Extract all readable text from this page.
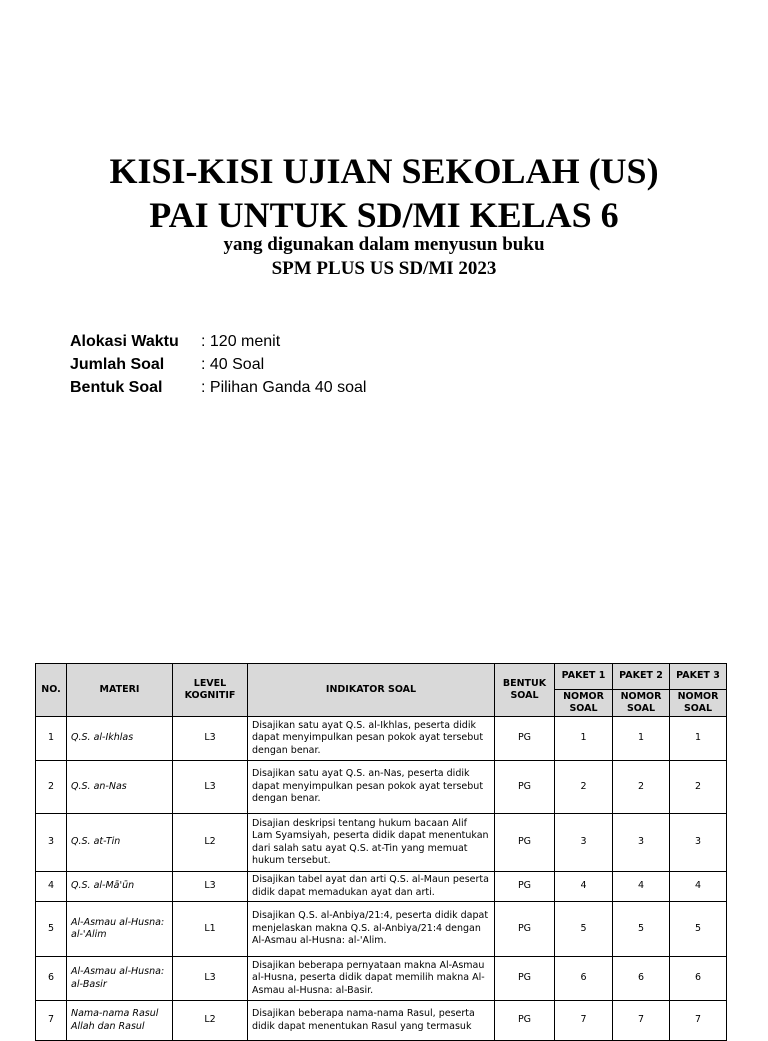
KISI-KISI UJIAN SEKOLAH (US)
PAI UNTUK SD/MI KELAS 6
yang digunakan dalam menyusun buku
SPM PLUS US SD/MI 2023
Alokasi Waktu	: 120 menit
Jumlah Soal	: 40 Soal
Bentuk Soal	: Pilihan Ganda 40 soal
NO.	MATERI	LEVEL KOGNITIF	INDIKATOR SOAL	BENTUK SOAL	PAKET 1	PAKET 2	PAKET 3
					NOMOR SOAL	NOMOR SOAL	NOMOR SOAL
1	Q.S. al-Ikhlas	L3	Disajikan satu ayat Q.S. al-Ikhlas, peserta didik dapat menyimpulkan pesan pokok ayat tersebut dengan benar.	PG	1	1	1
2	Q.S. an-Nas	L3	Disajikan satu ayat Q.S. an-Nas, peserta didik dapat menyimpulkan pesan pokok ayat tersebut dengan benar.	PG	2	2	2
3	Q.S. at-Tin	L2	Disajian deskripsi tentang hukum bacaan Alif Lam Syamsiyah, peserta didik dapat menentukan dari salah satu ayat Q.S. at-Tin yang memuat hukum tersebut.	PG	3	3	3
4	Q.S. al-Mā'ūn	L3	Disajikan tabel ayat dan arti Q.S. al-Maun peserta didik dapat memadukan ayat dan arti.	PG	4	4	4
5	Al-Asmau al-Husna: al-'Alim	L1	Disajikan Q.S. al-Anbiya/21:4, peserta didik dapat menjelaskan makna Q.S. al-Anbiya/21:4 dengan Al-Asmau al-Husna: al-'Alim.	PG	5	5	5
6	Al-Asmau al-Husna: al-Basir	L3	Disajikan beberapa pernyataan makna Al-Asmau al-Husna, peserta didik dapat memilih makna Al-Asmau al-Husna: al-Basir.	PG	6	6	6
7	Nama-nama Rasul Allah dan Rasul	L2	Disajikan beberapa nama-nama Rasul, peserta didik dapat menentukan Rasul yang termasuk	PG	7	7	7
